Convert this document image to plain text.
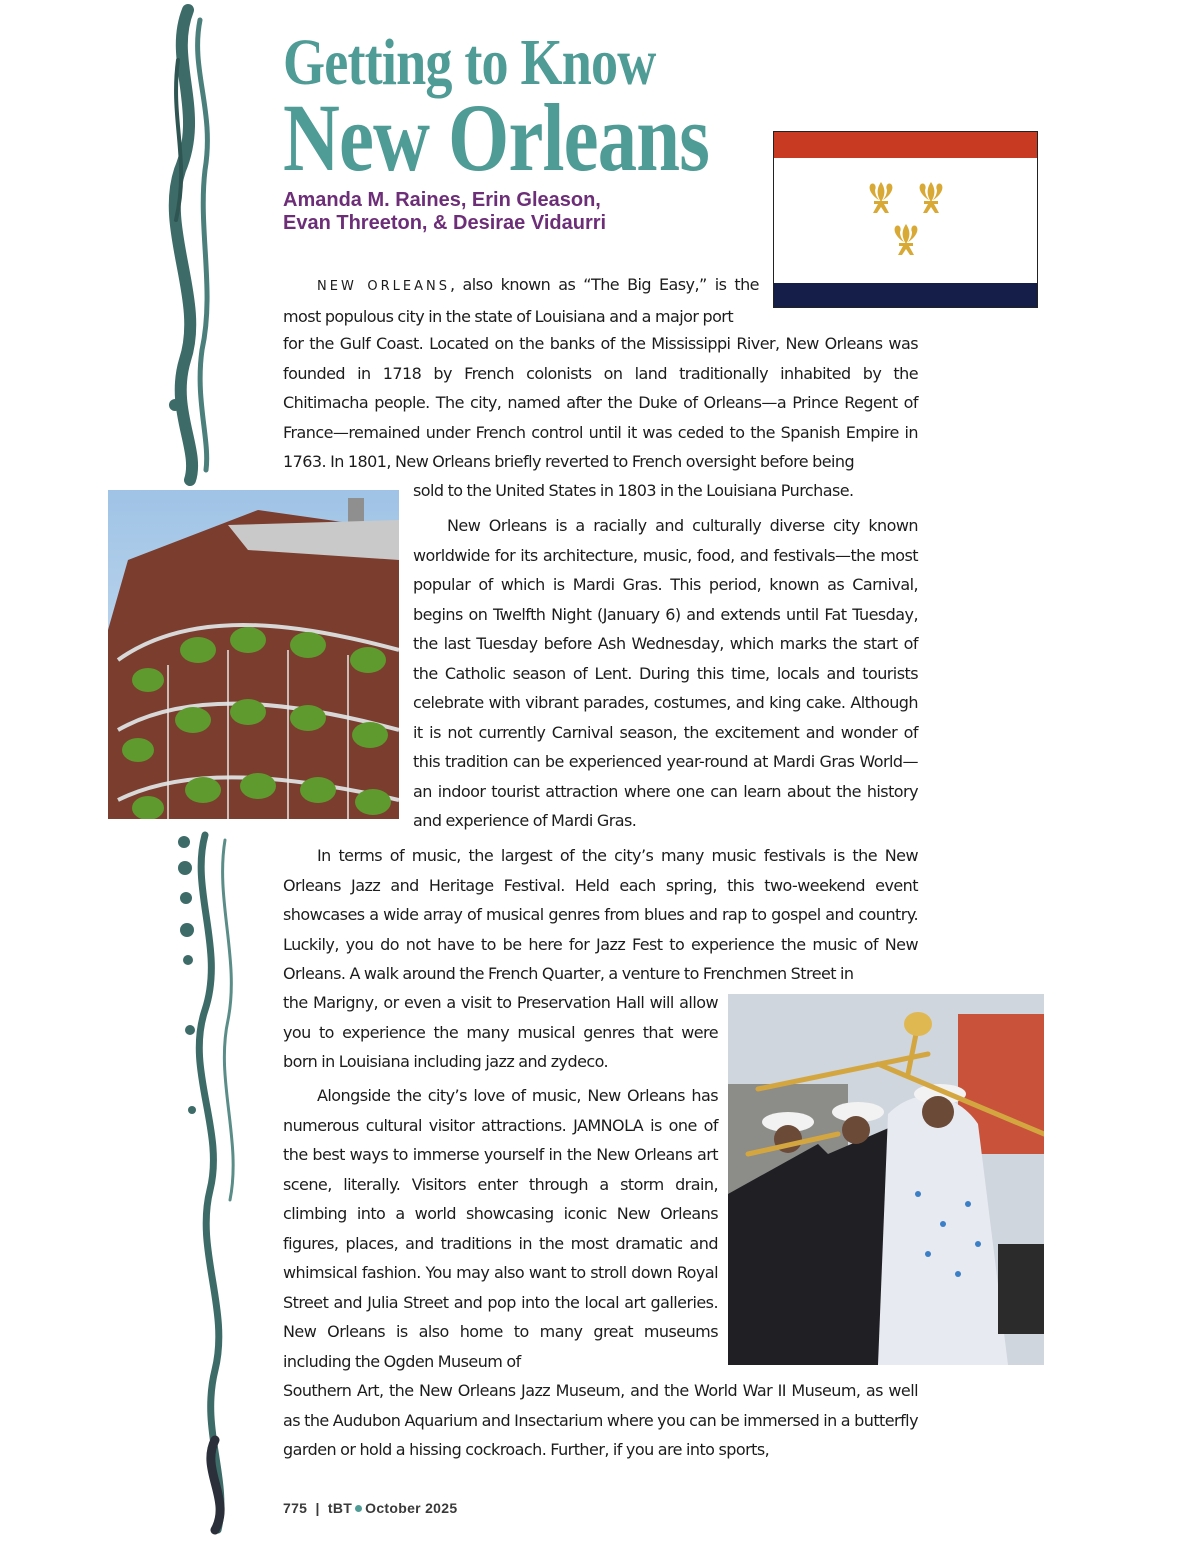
Getting to Know
New Orleans
Amanda M. Raines, Erin Gleason,
Evan Threeton, & Desirae Vidaurri

NEW ORLEANS, also known as “The Big Easy,” is the most populous city in the state of Louisiana and a major port

for the Gulf Coast. Located on the banks of the Mississippi River, New Orleans was founded in 1718 by French colonists on land traditionally inhabited by the Chitimacha people. The city, named after the Duke of Orleans—a Prince Regent of France—remained under French control until it was ceded to the Spanish Empire in 1763. In 1801, New Orleans briefly reverted to French oversight before being

sold to the United States in 1803 in the Louisiana Purchase.

New Orleans is a racially and culturally diverse city known worldwide for its architecture, music, food, and festivals—the most popular of which is Mardi Gras. This period, known as Carnival, begins on Twelfth Night (January 6) and extends until Fat Tuesday, the last Tuesday before Ash Wednesday, which marks the start of the Catholic season of Lent. During this time, locals and tourists celebrate with vibrant parades, costumes, and king cake. Although it is not currently Carnival season, the excitement and wonder of this tradition can be experienced year-round at Mardi Gras World—an indoor tourist attraction where one can learn about the history and experience of Mardi Gras.

In terms of music, the largest of the city’s many music festivals is the New Orleans Jazz and Heritage Festival. Held each spring, this two-weekend event showcases a wide array of musical genres from blues and rap to gospel and country. Luckily, you do not have to be here for Jazz Fest to experience the music of New Orleans. A walk around the French Quarter, a venture to Frenchmen Street in

the Marigny, or even a visit to Preservation Hall will allow you to experience the many musical genres that were born in Louisiana including jazz and zydeco.

Alongside the city’s love of music, New Orleans has numerous cultural visitor attractions. JAMNOLA is one of the best ways to immerse yourself in the New Orleans art scene, literally. Visitors enter through a storm drain, climbing into a world showcasing iconic New Orleans figures, places, and traditions in the most dramatic and whimsical fashion. You may also want to stroll down Royal Street and Julia Street and pop into the local art galleries. New Orleans is also home to many great museums including the Ogden Museum of

Southern Art, the New Orleans Jazz Museum, and the World War II Museum, as well as the Audubon Aquarium and Insectarium where you can be immersed in a butterfly garden or hold a hissing cockroach. Further, if you are into sports,

775 | tBT October 2025
